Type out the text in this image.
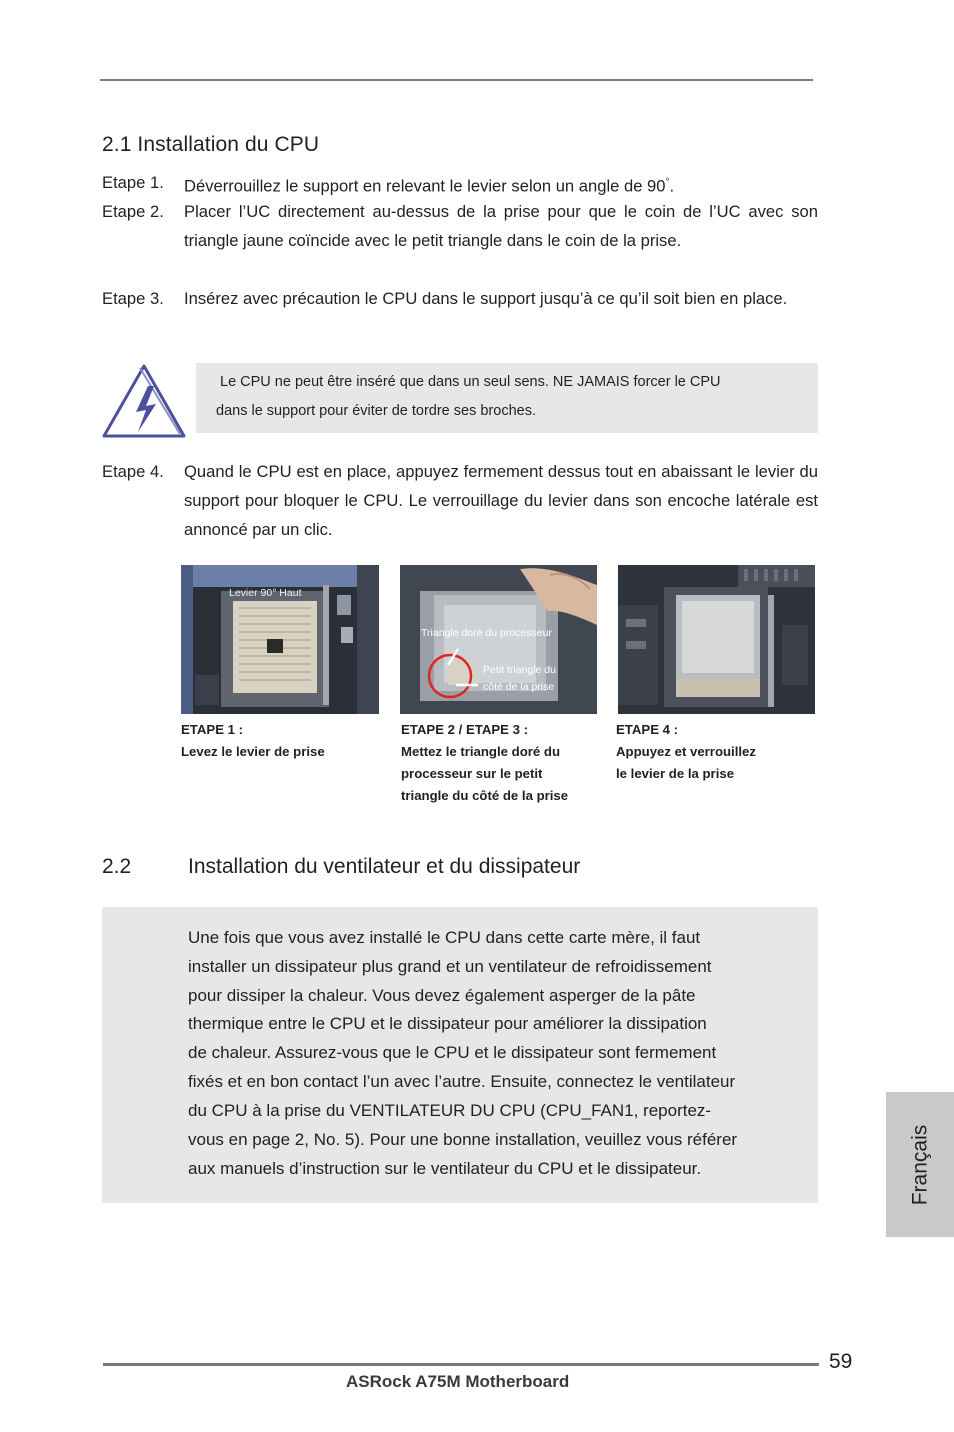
2.1 Installation du CPU
Etape 1. Déverrouillez le support en relevant le levier selon un angle de 90°.
Etape 2. Placer l’UC directement au-dessus de la prise pour que le coin de l’UC avec son triangle jaune coïncide avec le petit triangle dans le coin de la prise.
Etape 3. Insérez avec précaution le CPU dans le support jusqu’à ce qu’il soit bien en place.
Le CPU ne peut être inséré que dans un seul sens. NE JAMAIS forcer le CPU
dans le support pour éviter de tordre ses broches.
Etape 4. Quand le CPU est en place, appuyez fermement dessus tout en abaissant le levier du support pour bloquer le CPU. Le verrouillage du levier dans son encoche latérale est annoncé par un clic.
Levier 90° Haut
Triangle doré du processeur
Petit triangle du
côté de la prise
ETAPE 1 :
Levez le levier de prise
ETAPE 2 / ETAPE 3 :
Mettez le triangle doré du
processeur sur le petit
triangle du côté de la prise
ETAPE 4 :
Appuyez et verrouillez
le levier de la prise
2.2	Installation du ventilateur et du dissipateur
Une fois que vous avez installé le CPU dans cette carte mère, il faut
installer un dissipateur plus grand et un ventilateur de refroidissement
pour dissiper la chaleur. Vous devez également asperger de la pâte
thermique entre le CPU et le dissipateur pour améliorer la dissipation
de chaleur. Assurez-vous que le CPU et le dissipateur sont fermement
fixés et en bon contact l’un avec l’autre. Ensuite, connectez le ventilateur
du CPU à la prise du VENTILATEUR DU CPU (CPU_FAN1, reportez-
vous en page 2, No. 5). Pour une bonne installation, veuillez vous référer
aux manuels d’instruction sur le ventilateur du CPU et le dissipateur.	Français
59
ASRock A75M Motherboard
